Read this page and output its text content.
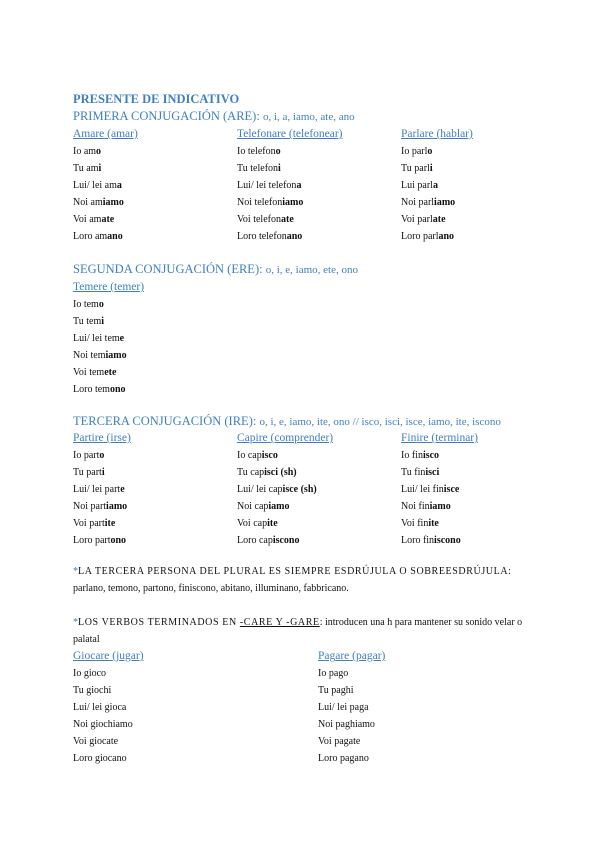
PRESENTE DE INDICATIVO
PRIMERA CONJUGACIÓN (ARE): o, i, a, iamo, ate, ano
Amare (amar)
Io amo
Tu ami
Lui/ lei ama
Noi amiamo
Voi amate
Loro amano
Telefonare (telefonear)
Io telefono
Tu telefoni
Lui/ lei telefona
Noi telefoniamo
Voi telefonate
Loro telefonano
Parlare (hablar)
Io parlo
Tu parli
Lui parla
Noi parliamo
Voi parlate
Loro parlano
SEGUNDA CONJUGACIÓN (ERE): o, i, e, iamo, ete, ono
Temere (temer)
Io temo
Tu temi
Lui/ lei teme
Noi temiamo
Voi temete
Loro temono
TERCERA CONJUGACIÓN (IRE): o, i, e, iamo, ite, ono // isco, isci, isce, iamo, ite, iscono
Partire (irse)
Io parto
Tu parti
Lui/ lei parte
Noi partiamo
Voi partite
Loro partono
Capire (comprender)
Io capisco
Tu capisci (sh)
Lui/ lei capisce (sh)
Noi capiamo
Voi capite
Loro capiscono
Finire (terminar)
Io finisco
Tu finisci
Lui/ lei finisce
Noi finiamo
Voi finite
Loro finiscono
*LA TERCERA PERSONA DEL PLURAL ES SIEMPRE ESDRÚJULA O SOBREESDRÚJULA:
parlano, temono, partono, finiscono, abitano, illuminano, fabbricano.
*LOS VERBOS TERMINADOS EN -CARE Y -GARE: introducen una h para mantener su sonido velar o palatal
Giocare (jugar)
Io gioco
Tu giochi
Lui/ lei gioca
Noi giochiamo
Voi giocate
Loro giocano
Pagare (pagar)
Io pago
Tu paghi
Lui/ lei paga
Noi paghiamo
Voi pagate
Loro pagano
